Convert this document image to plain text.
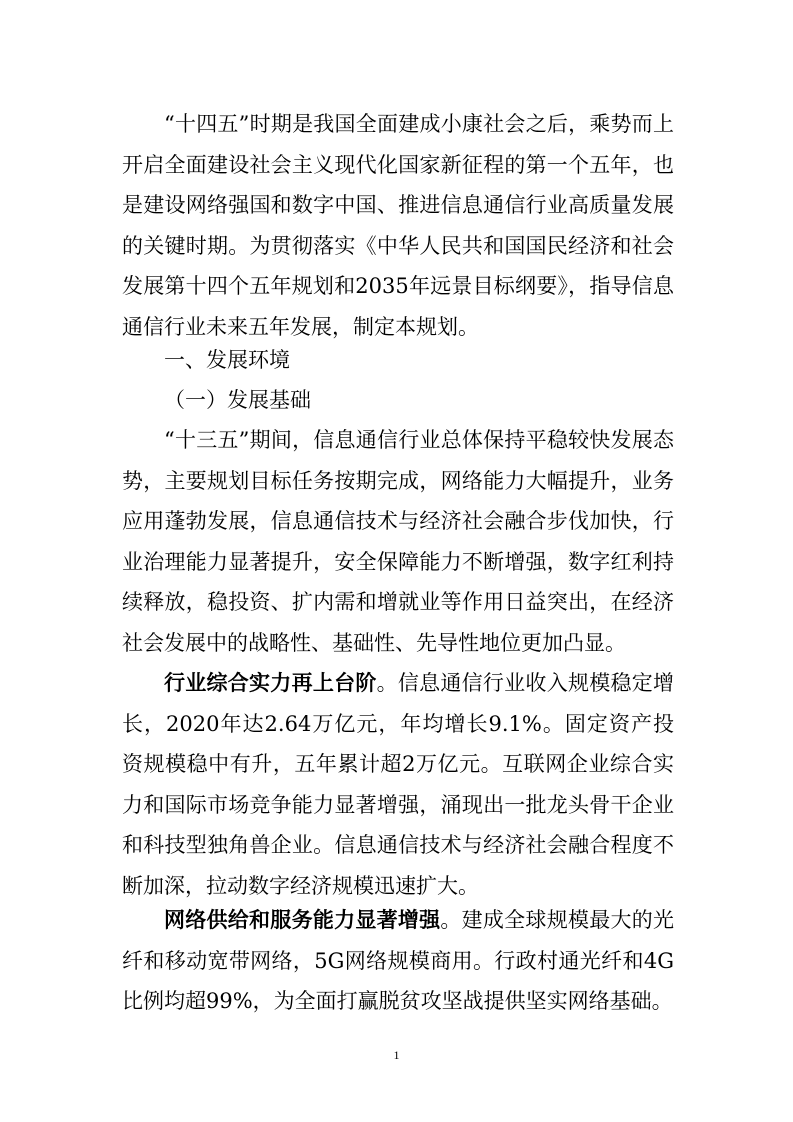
“十四五”时期是我国全面建成小康社会之后，乘势而上开启全面建设社会主义现代化国家新征程的第一个五年，也是建设网络强国和数字中国、推进信息通信行业高质量发展的关键时期。为贯彻落实《中华人民共和国国民经济和社会发展第十四个五年规划和2035年远景目标纲要》，指导信息通信行业未来五年发展，制定本规划。

一、发展环境

（一）发展基础

“十三五”期间，信息通信行业总体保持平稳较快发展态势，主要规划目标任务按期完成，网络能力大幅提升，业务应用蓬勃发展，信息通信技术与经济社会融合步伐加快，行业治理能力显著提升，安全保障能力不断增强，数字红利持续释放，稳投资、扩内需和增就业等作用日益突出，在经济社会发展中的战略性、基础性、先导性地位更加凸显。

行业综合实力再上台阶。信息通信行业收入规模稳定增长，2020年达2.64万亿元，年均增长9.1%。固定资产投资规模稳中有升，五年累计超2万亿元。互联网企业综合实力和国际市场竞争能力显著增强，涌现出一批龙头骨干企业和科技型独角兽企业。信息通信技术与经济社会融合程度不断加深，拉动数字经济规模迅速扩大。

网络供给和服务能力显著增强。建成全球规模最大的光纤和移动宽带网络，5G网络规模商用。行政村通光纤和4G比例均超99%，为全面打赢脱贫攻坚战提供坚实网络基础。

1
